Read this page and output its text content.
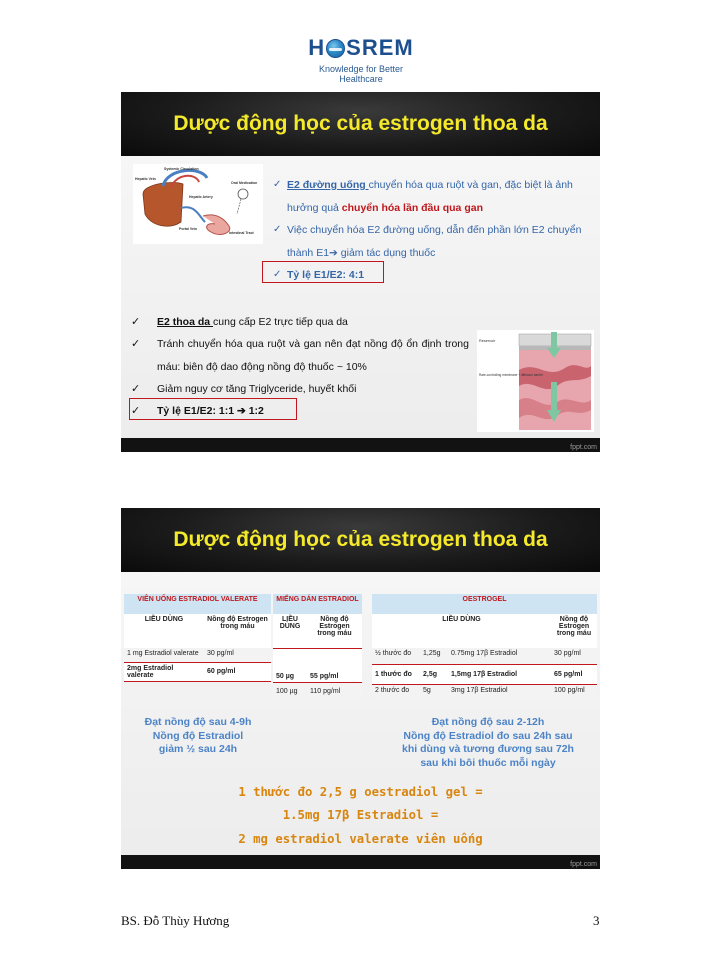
H SREM
Knowledge for Better Healthcare
Dược động học của estrogen thoa da
Systemic Circulation
Oral Medication
Hepatic Vein
Hepatic Artery
Portal Vein
Intestinal Tract
✓ E2 đường uống chuyển hóa qua ruột và gan, đặc biệt là ảnh hưởng quả chuyển hóa lần đầu qua gan
✓ Việc chuyển hóa E2 đường uống, dẫn đến phần lớn E2 chuyển thành E1➔ giảm tác dụng thuốc
✓ Tỷ lệ E1/E2: 4:1
✓ E2 thoa da cung cấp E2 trực tiếp qua da
✓ Tránh chuyển hóa qua ruột và gan nên đạt nồng độ ổn định trong máu: biên độ dao động nồng độ thuốc ~ 10%
✓ Giảm nguy cơ tăng Triglyceride, huyết khối
✓ Tỷ lệ E1/E2: 1:1 ➔ 1:2
Reservoir
Rate-controlling membrane + diffusion barrier
fppt.com
Dược động học của estrogen thoa da
VIÊN UỐNG ESTRADIOL VALERATE	
LIỀU DÙNG	Nồng độ Estrogen trong máu
1 mg Estradiol valerate	30 pg/ml
2mg Estradiol valerate	60 pg/ml
MIẾNG DÁN ESTRADIOL	
LIỀU DÙNG	Nồng độ Estrogen trong máu
50 µg	55 pg/ml
100 µg	110 pg/ml
OESTROGEL			
LIỀU DÙNG			Nồng độ Estrogen trong máu
½ thước đo	1,25g	0.75mg 17β Estradiol	30 pg/ml
1 thước đo	2,5g	1,5mg 17β Estradiol	65 pg/ml
2 thước đo	5g	3mg 17β Estradiol	100 pg/ml
Đạt nồng độ sau 4-9h
Nồng độ Estradiol
giảm ½ sau 24h
Đạt nồng độ sau 2-12h
Nồng độ Estradiol đo sau 24h sau
khi dùng và tương đương sau 72h
sau khi bôi thuốc mỗi ngày
1 thước đo 2,5 g oestradiol gel =
1.5mg 17β Estradiol =
2 mg estradiol valerate viên uống
fppt.com
BS. Đỗ Thùy Hương	3
